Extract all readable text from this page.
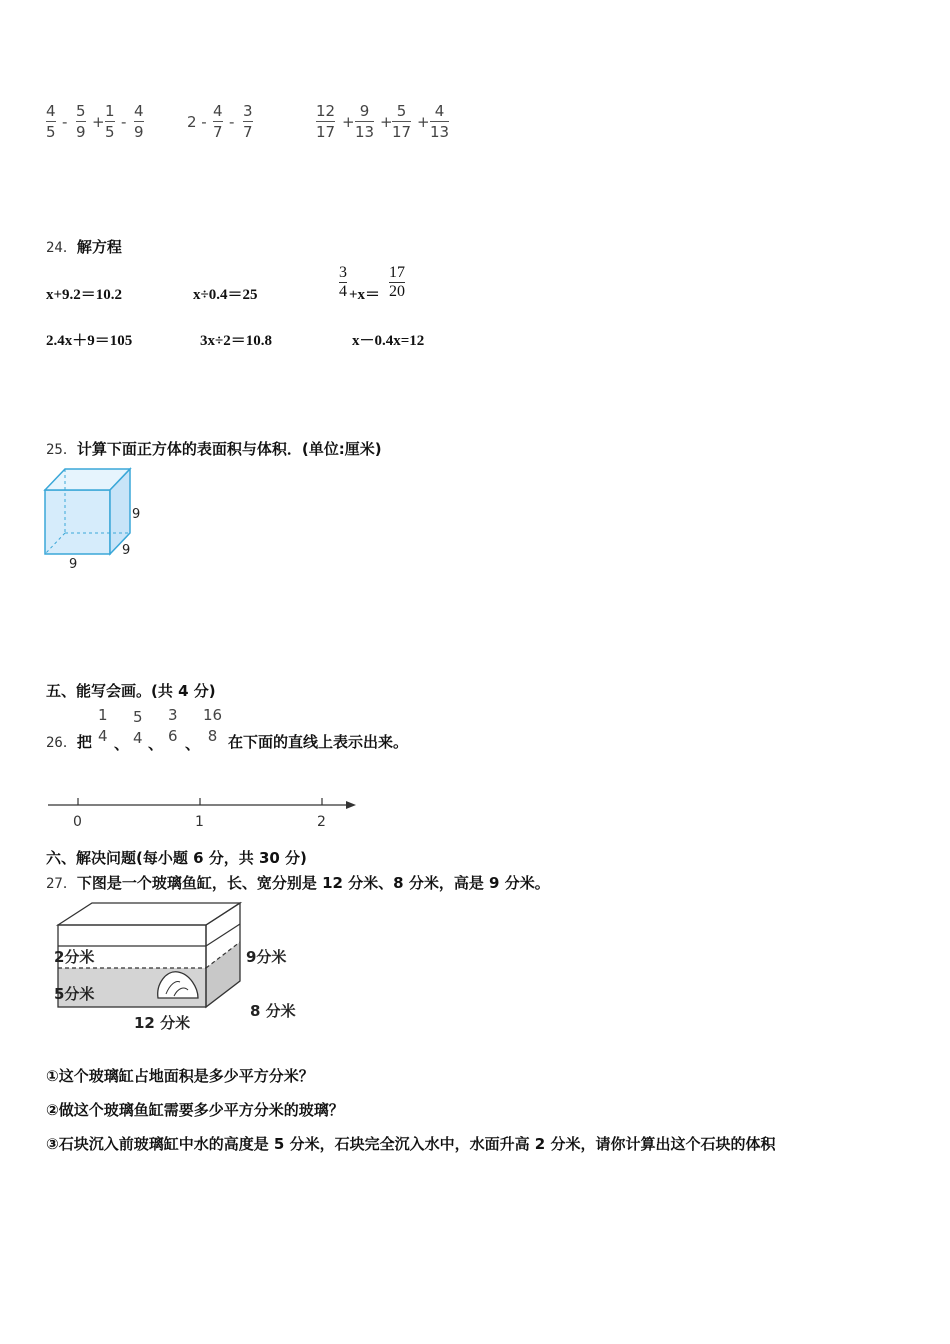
4
5
-
5
9
+
1
5
-
4
9
2 -
4
7
-
3
7
12
17
+
9
13
+
5
17
+
4
13
24．解方程
x+9.2＝10.2	x÷0.4＝25
3
4 +x＝
17
20
2.4x＋9＝105	3x÷2＝10.8	x－0.4x=12
25．计算下面正方体的表面积与体积．(单位:厘米)
9
9
9
五、能写会画。(共 4 分)
26．把
1
4 、
5
4 、
3
6 、
16
8 在下面的直线上表示出来。
0	1	2
六、解决问题(每小题 6 分，共 30 分)
27．下图是一个玻璃鱼缸，长、宽分别是 12 分米、8 分米，高是 9 分米。
2分米
5分米
9分米
8 分米
12 分米
①这个玻璃缸占地面积是多少平方分米？
②做这个玻璃鱼缸需要多少平方分米的玻璃？
③石块沉入前玻璃缸中水的高度是 5 分米，石块完全沉入水中，水面升高 2 分米，请你计算出这个石块的体积
